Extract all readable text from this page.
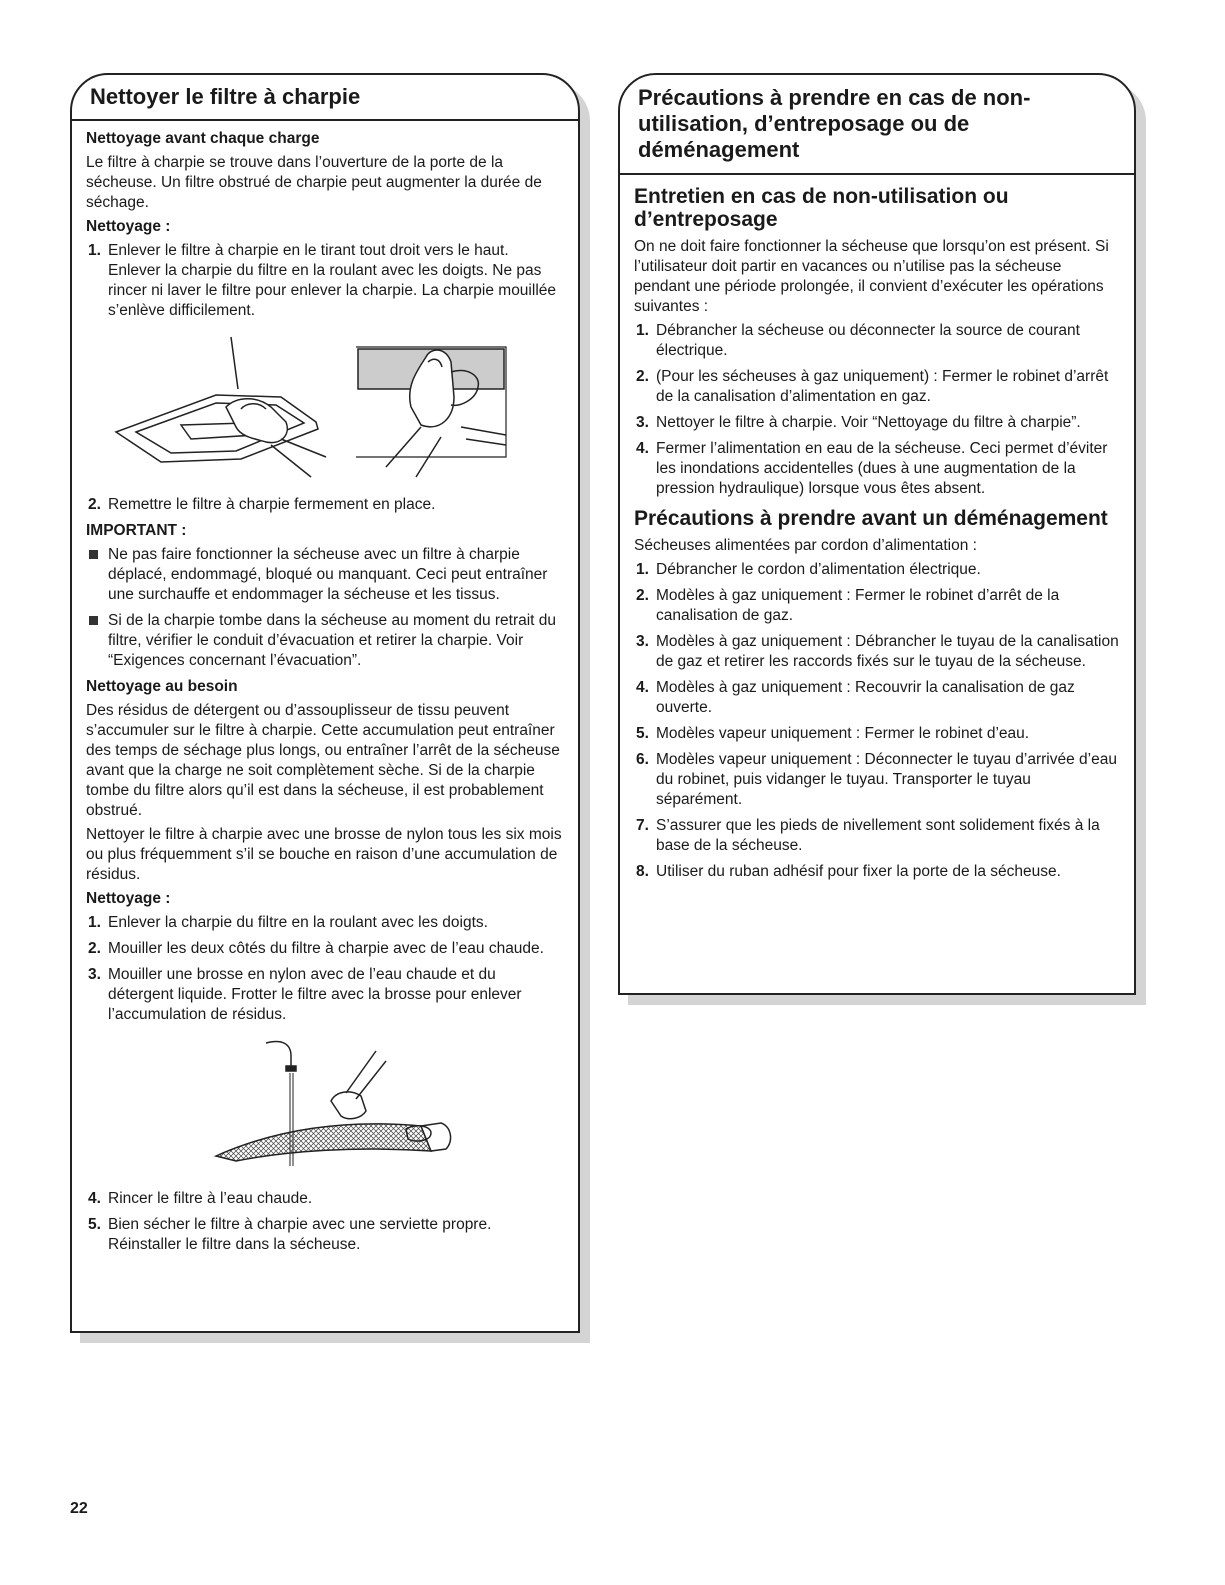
Nettoyer le filtre à charpie
Nettoyage avant chaque charge

Le filtre à charpie se trouve dans l’ouverture de la porte de la sécheuse. Un filtre obstrué de charpie peut augmenter la durée de séchage.

Nettoyage :
1. Enlever le filtre à charpie en le tirant tout droit vers le haut. Enlever la charpie du filtre en la roulant avec les doigts. Ne pas rincer ni laver le filtre pour enlever la charpie. La charpie mouillée s’enlève difficilement.
2. Remettre le filtre à charpie fermement en place.
IMPORTANT :
Ne pas faire fonctionner la sécheuse avec un filtre à charpie déplacé, endommagé, bloqué ou manquant. Ceci peut entraîner une surchauffe et endommager la sécheuse et les tissus.
Si de la charpie tombe dans la sécheuse au moment du retrait du filtre, vérifier le conduit d’évacuation et retirer la charpie. Voir “Exigences concernant l’évacuation”.
Nettoyage au besoin

Des résidus de détergent ou d’assouplisseur de tissu peuvent s’accumuler sur le filtre à charpie. Cette accumulation peut entraîner des temps de séchage plus longs, ou entraîner l’arrêt de la sécheuse avant que la charge ne soit complètement sèche. Si de la charpie tombe du filtre alors qu’il est dans la sécheuse, il est probablement obstrué.

Nettoyer le filtre à charpie avec une brosse de nylon tous les six mois ou plus fréquemment s’il se bouche en raison d’une accumulation de résidus.

Nettoyage :
1. Enlever la charpie du filtre en la roulant avec les doigts.
2. Mouiller les deux côtés du filtre à charpie avec de l’eau chaude.
3. Mouiller une brosse en nylon avec de l’eau chaude et du détergent liquide. Frotter le filtre avec la brosse pour enlever l’accumulation de résidus.
4. Rincer le filtre à l’eau chaude.
5. Bien sécher le filtre à charpie avec une serviette propre. Réinstaller le filtre dans la sécheuse.
Précautions à prendre en cas de non-utilisation, d’entreposage ou de déménagement
Entretien en cas de non-utilisation ou d’entreposage

On ne doit faire fonctionner la sécheuse que lorsqu’on est présent. Si l’utilisateur doit partir en vacances ou n’utilise pas la sécheuse pendant une période prolongée, il convient d’exécuter les opérations suivantes :

1. Débrancher la sécheuse ou déconnecter la source de courant électrique.
2. (Pour les sécheuses à gaz uniquement) : Fermer le robinet d’arrêt de la canalisation d’alimentation en gaz.
3. Nettoyer le filtre à charpie. Voir “Nettoyage du filtre à charpie”.
4. Fermer l’alimentation en eau de la sécheuse. Ceci permet d’éviter les inondations accidentelles (dues à une augmentation de la pression hydraulique) lorsque vous êtes absent.
Précautions à prendre avant un déménagement

Sécheuses alimentées par cordon d’alimentation :

1. Débrancher le cordon d’alimentation électrique.
2. Modèles à gaz uniquement : Fermer le robinet d’arrêt de la canalisation de gaz.
3. Modèles à gaz uniquement : Débrancher le tuyau de la canalisation de gaz et retirer les raccords fixés sur le tuyau de la sécheuse.
4. Modèles à gaz uniquement : Recouvrir la canalisation de gaz ouverte.
5. Modèles vapeur uniquement : Fermer le robinet d’eau.
6. Modèles vapeur uniquement : Déconnecter le tuyau d’arrivée d’eau du robinet, puis vidanger le tuyau. Transporter le tuyau séparément.
7. S’assurer que les pieds de nivellement sont solidement fixés à la base de la sécheuse.
8. Utiliser du ruban adhésif pour fixer la porte de la sécheuse.
22
